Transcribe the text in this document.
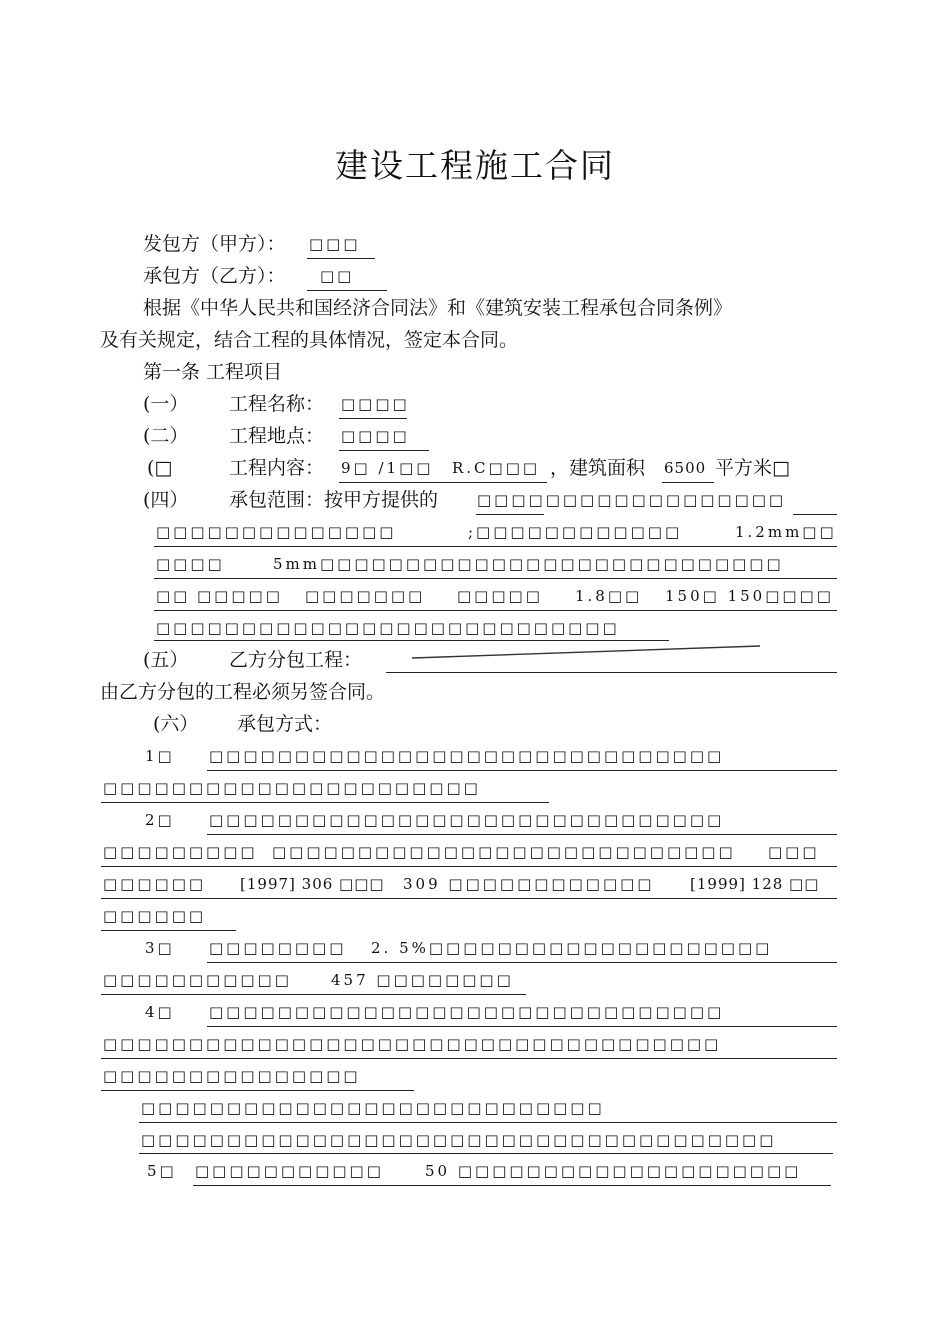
建设工程施工合同
发包方（甲方）： □□□
承包方（乙方）： □□
根据《中华人民共和国经济合同法》和《建筑安装工程承包合同条例》
及有关规定，结合工程的具体情况，签定本合同。
第一条 工程项目
(一） 工程名称： □□□□
(二） 工程地点： □□□□
(□	工程内容： 9□ /1□□ R.C□□□ ，建筑面积 6500 平方米□
(四） 承包范围：按甲方提供的	□□□□□□□□□□□□□□□□□□
□□□□□□□□□□□□□□	;□□□□□□□□□□□□	1.2mm□□
□□□□	5mm□□□□□□□□□□□□□□□□□□□□□□□□□□□
□□ □□□□□ □□□□□□□ □□□□□ 1.8□□ 150□ 150□□□□
□□□□□□□□□□□□□□□□□□□□□□□□□□□
(五） 乙方分包工程：
由乙方分包的工程必须另签合同。
(六） 承包方式：
1□ □□□□□□□□□□□□□□□□□□□□□□□□□□□□□□
□□□□□□□□□□□□□□□□□□□□□□
2□ □□□□□□□□□□□□□□□□□□□□□□□□□□□□□□
□□□□□□□□□ □□□□□□□□□□□□□□□□□□□□□□□□□□□ □□□
□□□□□□ [1997] 306 □□□ 309 □□□□□□□□□□□□ [1999] 128 □□
□□□□□□
3□ □□□□□□□□ 2. 5%□□□□□□□□□□□□□□□□□□□□
□□□□□□□□□□□	457 □□□□□□□□
4□ □□□□□□□□□□□□□□□□□□□□□□□□□□□□□□
□□□□□□□□□□□□□□□□□□□□□□□□□□□□□□□□□□□□
□□□□□□□□□□□□□□□
□□□□□□□□□□□□□□□□□□□□□□□□□□□
□□□□□□□□□□□□□□□□□□□□□□□□□□□□□□□□□□□□□
5□ □□□□□□□□□□□	50 □□□□□□□□□□□□□□□□□□□□
